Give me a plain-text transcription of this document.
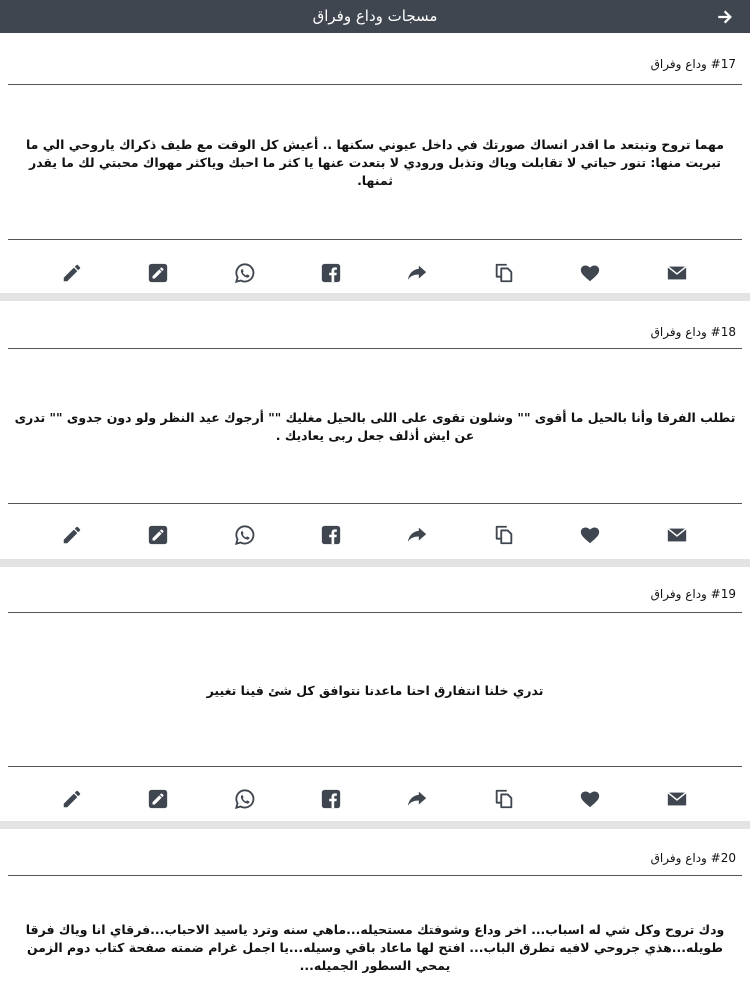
مسجات وداع وفراق
#17 وداع وفراق
مهما تروح وتبتعد ما اقدر انساك صورتك في داخل عيوني سكنها .. أعيش كل الوقت مع طيف ذكراك ياروحي الي ما تبريت منها: تنور حياتي لا تقابلت وياك وتذبل ورودي لا بتعدت عنها يا كثر ما احبك وياكثر مهواك محبتي لك ما يقدر ثمنها.
#18 وداع وفراق
تطلب الفرقا وأنا بالحيل ما أقوى "" وشلون تقوى على اللى بالحيل مغليك "" أرجوك عيد النظر ولو دون جدوى "" تدرى عن ايش أذلف جعل ربى يعاديك .
#19 وداع وفراق
تدري خلنا انتفارق احنا ماعدنا نتوافق كل شئ فينا تغيير
#20 وداع وفراق
ودك تروح وكل شي له اسباب... اخر وداع وشوفتك مستحيله...ماهي سنه وترد ياسيد الاحباب...فرقاي انا وياك فرقا طويله...هذي جروحي لافيه تطرق الباب... افتح لها ماعاد باقي وسيله...يا اجمل غرام ضمته صفحة كتاب دوم الزمن يمحي السطور الجميله...
